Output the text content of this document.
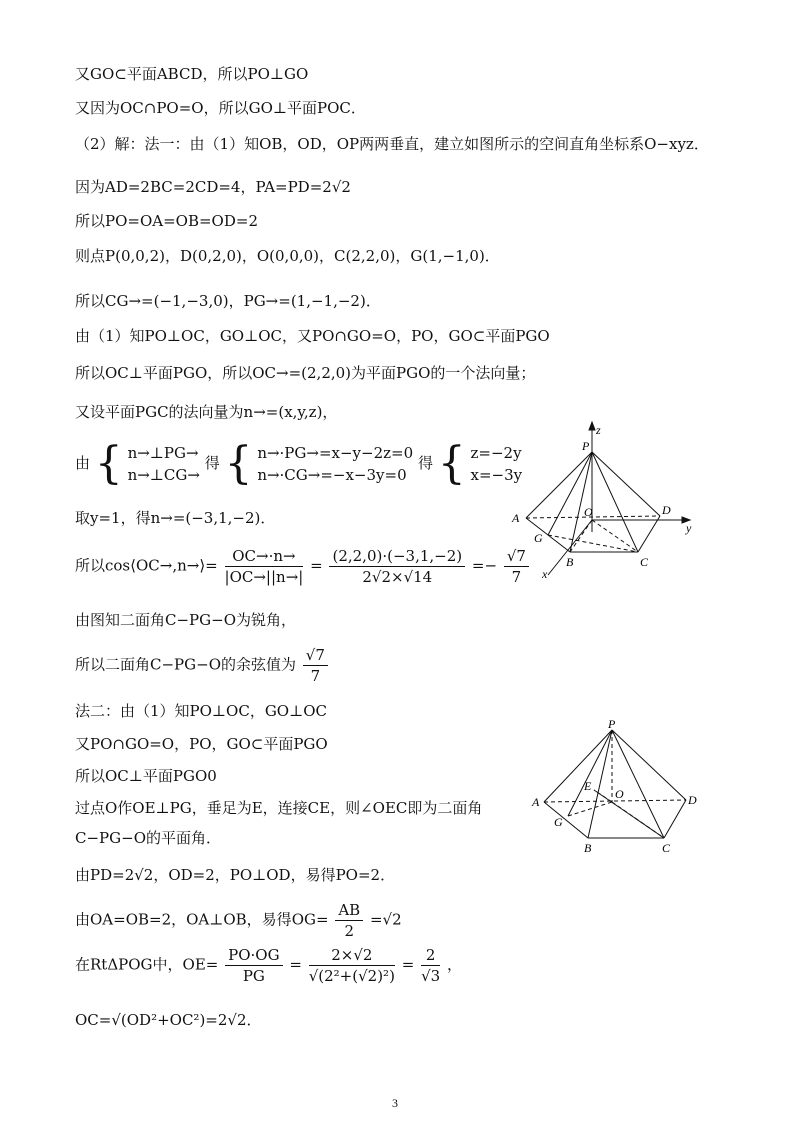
又GO⊂平面ABCD，所以PO⊥GO
又因为OC∩PO=O，所以GO⊥平面POC．
（2）解：法一：由（1）知OB，OD，OP两两垂直，建立如图所示的空间直角坐标系O−xyz．
因为AD=2BC=2CD=4，PA=PD=2√2
所以PO=OA=OB=OD=2
则点P(0,0,2)，D(0,2,0)，O(0,0,0)，C(2,2,0)，G(1,−1,0)．
所以CG→=(−1,−3,0)，PG→=(1,−1,−2)．
由（1）知PO⊥OC，GO⊥OC，又PO∩GO=O，PO，GO⊂平面PGO
所以OC⊥平面PGO，所以OC→=(2,2,0)为平面PGO的一个法向量；
又设平面PGC的法向量为n→=(x,y,z)，
由 { n→⊥PG→
n→⊥CG→
得 { n→·PG→=x−y−2z=0
n→·CG→=−x−3y=0
得 { z=−2y
x=−3y
取y=1，得n→=(−3,1,−2)．
所以cos⟨OC→,n→⟩= $\frac{OC\to\cdot n\to}{|OC\to||n\to|} = \frac{(2,2,0)\cdot(-3,1,-2)}{2√2\times√14} =- \frac{√7}{7}$
由图知二面角C−PG−O为锐角，
所以二面角C−PG−O的余弦值为 $\frac{√7}{7}$
法二：由（1）知PO⊥OC，GO⊥OC
又PO∩GO=O，PO，GO⊂平面PGO
所以OC⊥平面PGO0
过点O作OE⊥PG，垂足为E，连接CE，则∠OEC即为二面角
C−PG−O的平面角．
由PD=2√2，OD=2，PO⊥OD，易得PO=2．
由OA=OB=2，OA⊥OB，易得$OG= \frac{AB}{2} =√2$
在RtΔPOG中，$OE= \frac{PO\cdot OG}{PG} = \frac{2\times√2}{\text{√(2²+(√2)²)}} = \frac{2}{√3}$ ，
OC=√(OD²+OC²)=2√2．
z
P
O	D
y
A
G
B	C
x
P
E
O	D
A
G
B	C
3
